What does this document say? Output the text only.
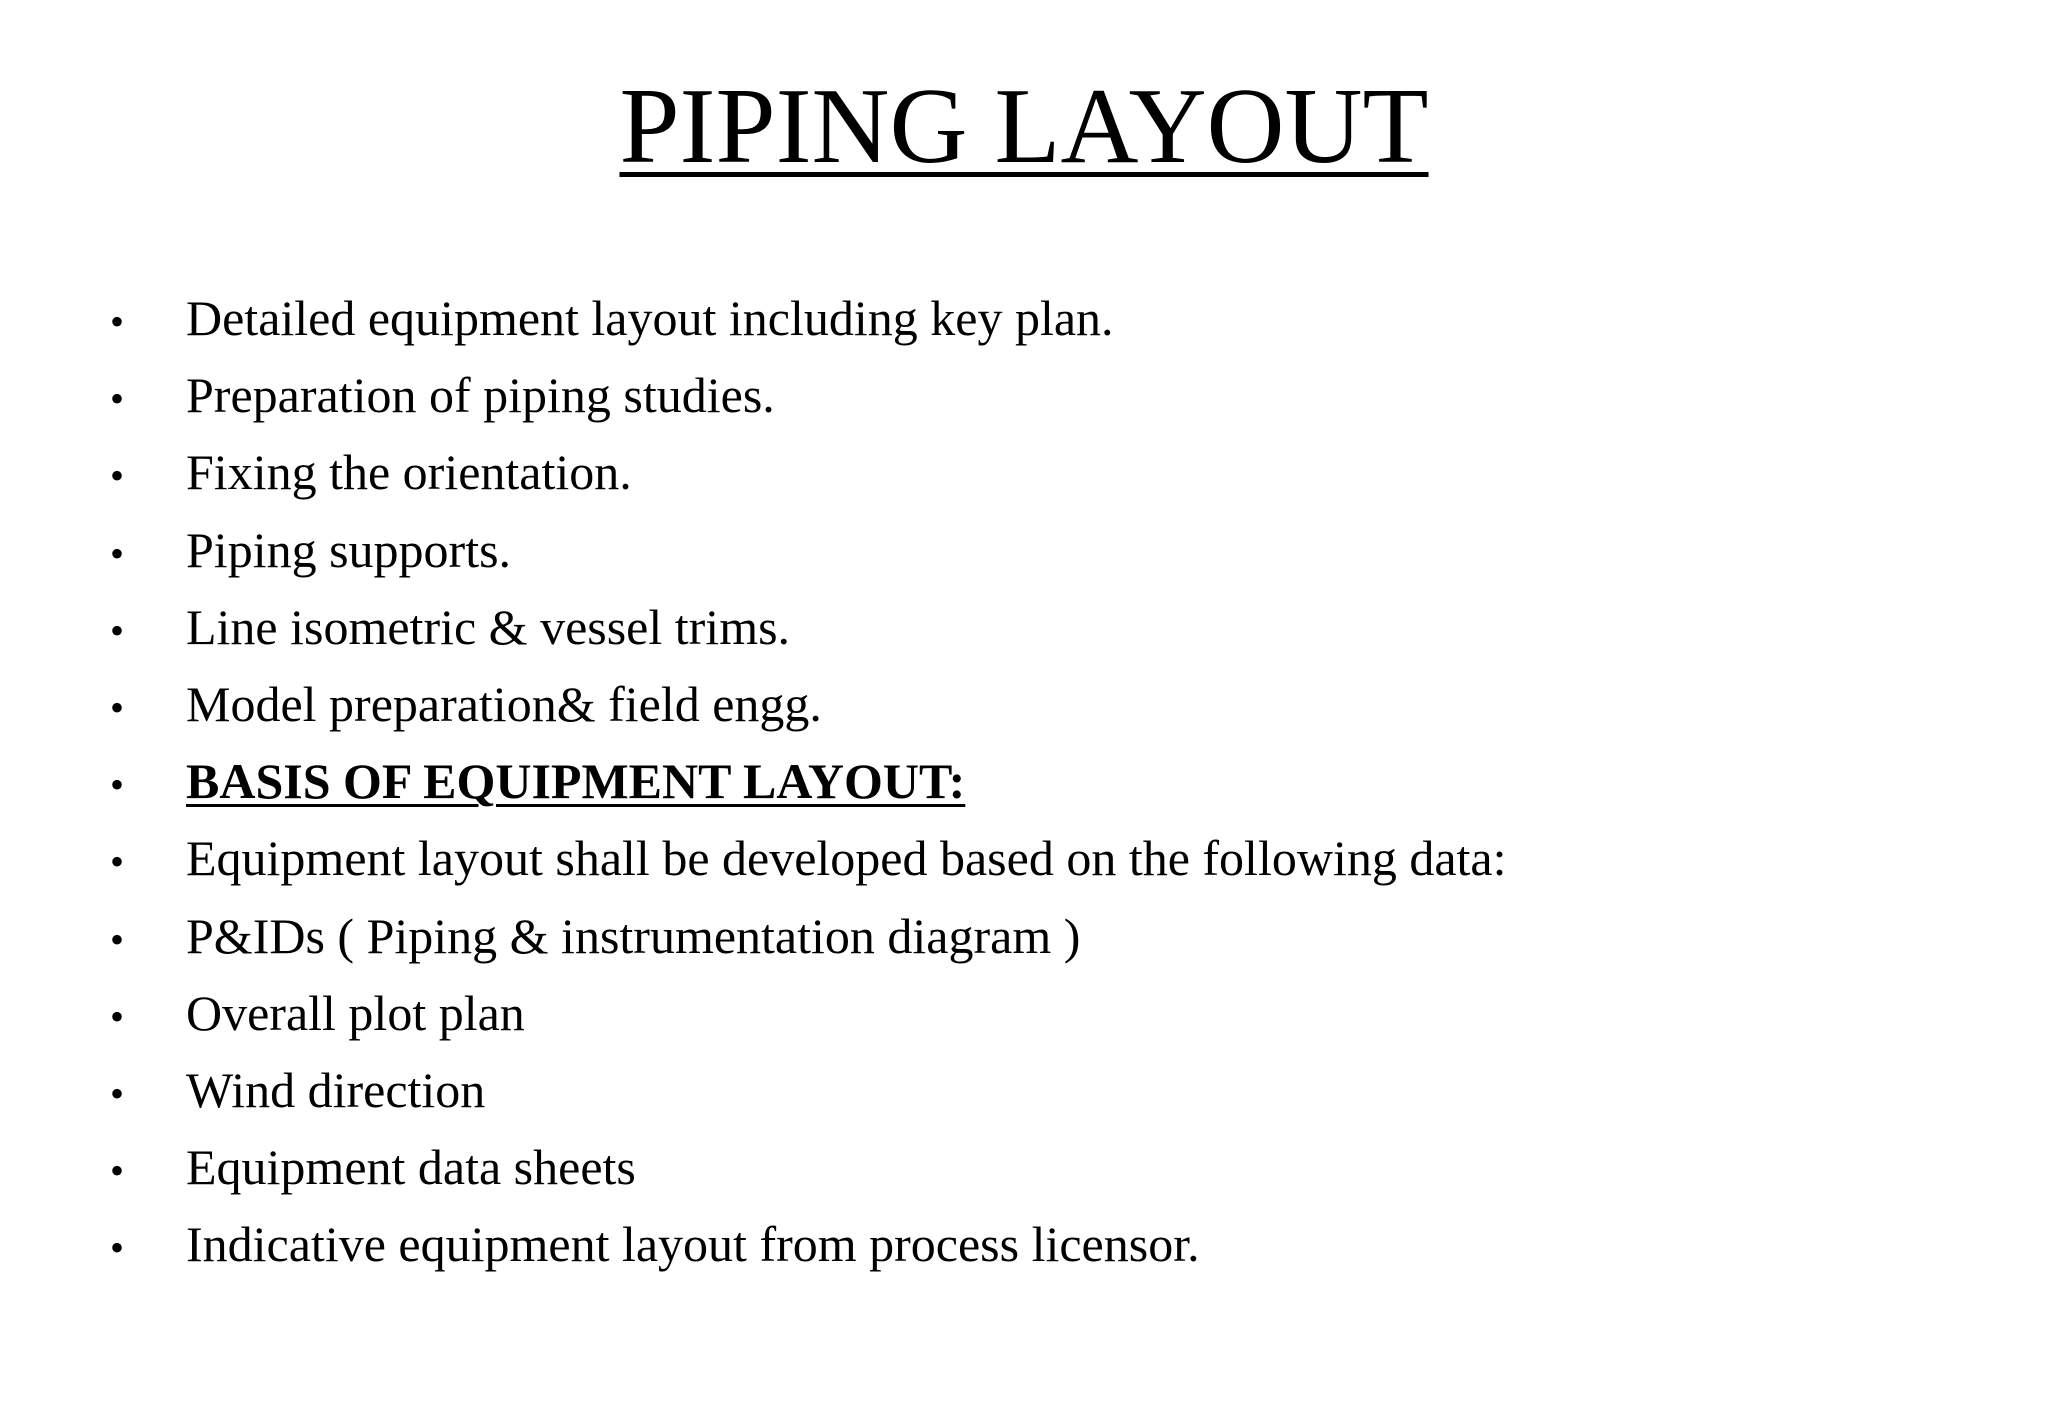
PIPING LAYOUT
•	Detailed equipment layout including key plan.
•	Preparation of piping studies.
•	Fixing the orientation.
•	Piping supports.
•	Line isometric & vessel trims.
•	Model preparation& field engg.
•	BASIS OF EQUIPMENT LAYOUT:
•	Equipment layout shall be developed based on the following data:
•	P&IDs ( Piping & instrumentation diagram )
•	Overall plot plan
•	Wind direction
•	Equipment data sheets
•	Indicative equipment layout from process licensor.
